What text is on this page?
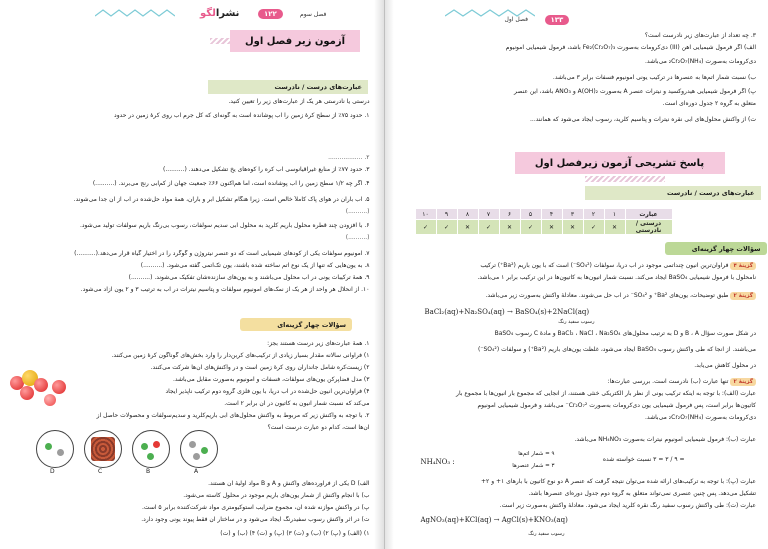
نشرالگو	۱۲۲	فصل سوم
آزمون زیر فصل اول
عبارت‌های درست / نادرست
درستی یا نادرستی هر یک از عبارت‌های زیر را تعیین کنید.
۱. حدود ۷۵٪ از سطح کرهٔ زمین را آب پوشانده است به گونه‌ای که کل جرم آب روی کرهٔ زمین در حدود
۲. ..................
۳. حدود ۷۷٪ از منابع غیرآقیانوسی آب کره را کوه‌های یخ تشکیل می‌دهند. (..........)
۴. اگر چه ۱/۲ سطح زمین را آب پوشانده است، اما هم‌اکنون ۶۶٪ جمعیت جهان از کم‌آبی رنج می‌برند. (..........)
۵. آب باران در هوای پاک کاملاً خالص است. زیرا هنگام تشکیل ابر و باران، همهٔ مواد حل‌شده در آب از آن جدا می‌شوند.
(..........)
۶. با افزودن چند قطره محلول باریم کلرید به محلول آبی سدیم سولفات، رسوب بی‌رنگ باریم سولفات تولید می‌شود.
(..........)
۷. آمونیوم سولفات یکی از کودهای شیمیایی است که دو عنصر نیتروژن و گوگرد را در اختیار گیاه قرار می‌دهد.(..........)
۸. به یون‌هایی که تنها از یک نوع اتم ساخته شده باشند، یون تک‌اتمی گفته می‌شود. (..........)
۹. همهٔ ترکیبات یونی در آب محلول می‌باشند و به یون‌های سازنده‌شان تفکیک می‌شوند. (..........)
۱۰. از انحلال هر واحد از هر یک از نمک‌های آمونیوم سولفات و پتاسیم نیترات در آب به ترتیب ۳ و ۲ یون آزاد می‌شود.
سؤالات چهار گزینه‌ای
۱. همهٔ عبارت‌های زیر درست هستند بجز:
۱) فراوانی سالانه مقدار بسیار زیادی از ترکیب‌های کربن‌دار را وارد بخش‌های گوناگون کرهٔ زمین می‌کنند.
۲) زیست‌کره شامل جانداران روی کرهٔ زمین است و در واکنش‌های آن‌ها شرکت می‌کنند.
۳) مدل فضاپرکن یون‌های سولفات، فسفات و آمونیوم به‌صورت مقابل می‌باشد.
۴) فراوان‌ترین آنیون حل‌شده در آب دریا، با یون فلزی گروه دوم ترکیب ناپذیر ایجاد
می‌کند که نسبت شمار آنیون به کاتیون در آن برابر ۲ است.
۲. با توجه به واکنش زیر که مربوط به واکنش محلول‌های آبی باریم‌کلرید و سدیم‌سولفات و محصولات حاصل از
آن‌ها است، کدام دو عبارت درست است؟
D	C	B	A
الف) D یکی از فراورده‌های واکنش و A و B مواد اولیهٔ آن هستند.
ب) با انجام واکنش از شمار یون‌های باریم موجود در محلول کاسته می‌شود.
پ) در واکنش موازنه شده آن، مجموع ضرایب استوکیومتری مواد شرکت‌کننده برابر ۵ است.
ت) در اثر واکنش رسوب سفیدرنگ ایجاد می‌شود و در ساختار آن فقط پیوند یونی وجود دارد.
۱) (الف) و (پ) ۲) (ب) و (ت) ۳) (پ) و (ت) ۴) (ب) و (ت)
فصل اول	۱۳۳
۳. چه تعداد از عبارت‌های زیر نادرست است؟
الف) اگر فرمول شیمیایی آهن (III) دی‌کرومات به‌صورت Fe₂(Cr₂O₇)₃ باشد، فرمول شیمیایی آمونیوم
دی‌کرومات به‌صورت (NH₄)₂Cr₂O₇ می‌باشد.
ب) نسبت شمار اتم‌ها به عنصرها در ترکیب یونی آمونیوم فسفات برابر ۳ می‌باشد.
پ) اگر فرمول شیمیایی هیدروکسید و نیترات عنصر A به‌صورت A(OH)₂ و ANO₃ باشد، این عنصر
متعلق به گروه ۲ جدول دوره‌ای است.
ت) از واکنش محلول‌های آبی نقره نیترات و پتاسیم کلرید، رسوب ایجاد می‌شود که همانند...
پاسخ تشریحی آزمون زیرفصل اول
عبارت‌های درست / نادرست
عبارت	۱	۲	۳	۴	۵	۶	۷	۸	۹	۱۰
درستی / نادرستی	✕	✓	✕	✕	✓	✕	✓	✕	✓	✓
سؤالات چهار گزینه‌ای
گزینهٔ ۴فراوان‌ترین آنیون چنداتمی موجود در آب دریا، سولفات (SO₄²⁻) است که با یون باریم (Ba²⁺) ترکیب
نامحلول با فرمول شیمیایی BaSO₄ ایجاد می‌کند. نسبت شمار آنیون‌ها به کاتیون‌ها در این ترکیب برابر ۱ می‌باشد.
گزینهٔ ۲طبق توضیحات، یون‌های Ba²⁺ و SO₄²⁻ در آب حل می‌شوند. معادلهٔ واکنش به‌صورت زیر می‌باشد.
BaCl₂(aq)+Na₂SO₄(aq) → BaSO₄(s)+2NaCl(aq)
رسوب سفید رنگ
در شکل صورت سؤال B ، A و D به ترتیب محلول‌های BaCl₂ ، NaCl ، Na₂SO₄ و مادهٔ C رسوب BaSO₄
می‌باشند. از آنجا که طی واکنش رسوب BaSO₄ ایجاد می‌شود، غلظت یون‌های باریم (Ba²⁺) و سولفات (SO₄²⁻)
در محلول کاهش می‌یابد.
گزینهٔ ۲تنها عبارت (ب) نادرست است. بررسی عبارت‌ها:
عبارت (الف): با توجه به اینکه ترکیب یونی از نظر بار الکتریکی خنثی هستند، از آنجایی که مجموع بار آنیون‌ها با مجموع بار
کاتیون‌ها برابر است، پس فرمول شیمیایی یون دی‌کرومات به‌صورت Cr₂O₇²⁻ می‌باشد و فرمول شیمیایی آمونیوم
دی‌کرومات به‌صورت (NH₄)₂Cr₂O₇ می‌باشد.
عبارت (ب): فرمول شیمیایی آمونیوم نیترات به‌صورت NH₄NO₃ می‌باشد.
NH₄NO₃ :
۹ = شمار اتم‌ها
۳ = شمار عنصرها
= ۹ / ۳ = ۳ نسبت خواسته شده
عبارت (پ): با توجه به ترکیب‌های ارائه شده می‌توان نتیجه گرفت که عنصر A دو نوع کاتیون با بارهای ۱+ و ۲+
تشکیل می‌دهد. پس چنین عنصری نمی‌تواند متعلق به گروه دوم جدول دوره‌ای عنصرها باشد.
عبارت (ت): طی واکنش رسوب سفید رنگ نقره کلرید ایجاد می‌شود. معادلهٔ واکنش به‌صورت زیر است.
AgNO₃(aq)+KCl(aq) → AgCl(s)+KNO₃(aq)
رسوب سفید رنگ
